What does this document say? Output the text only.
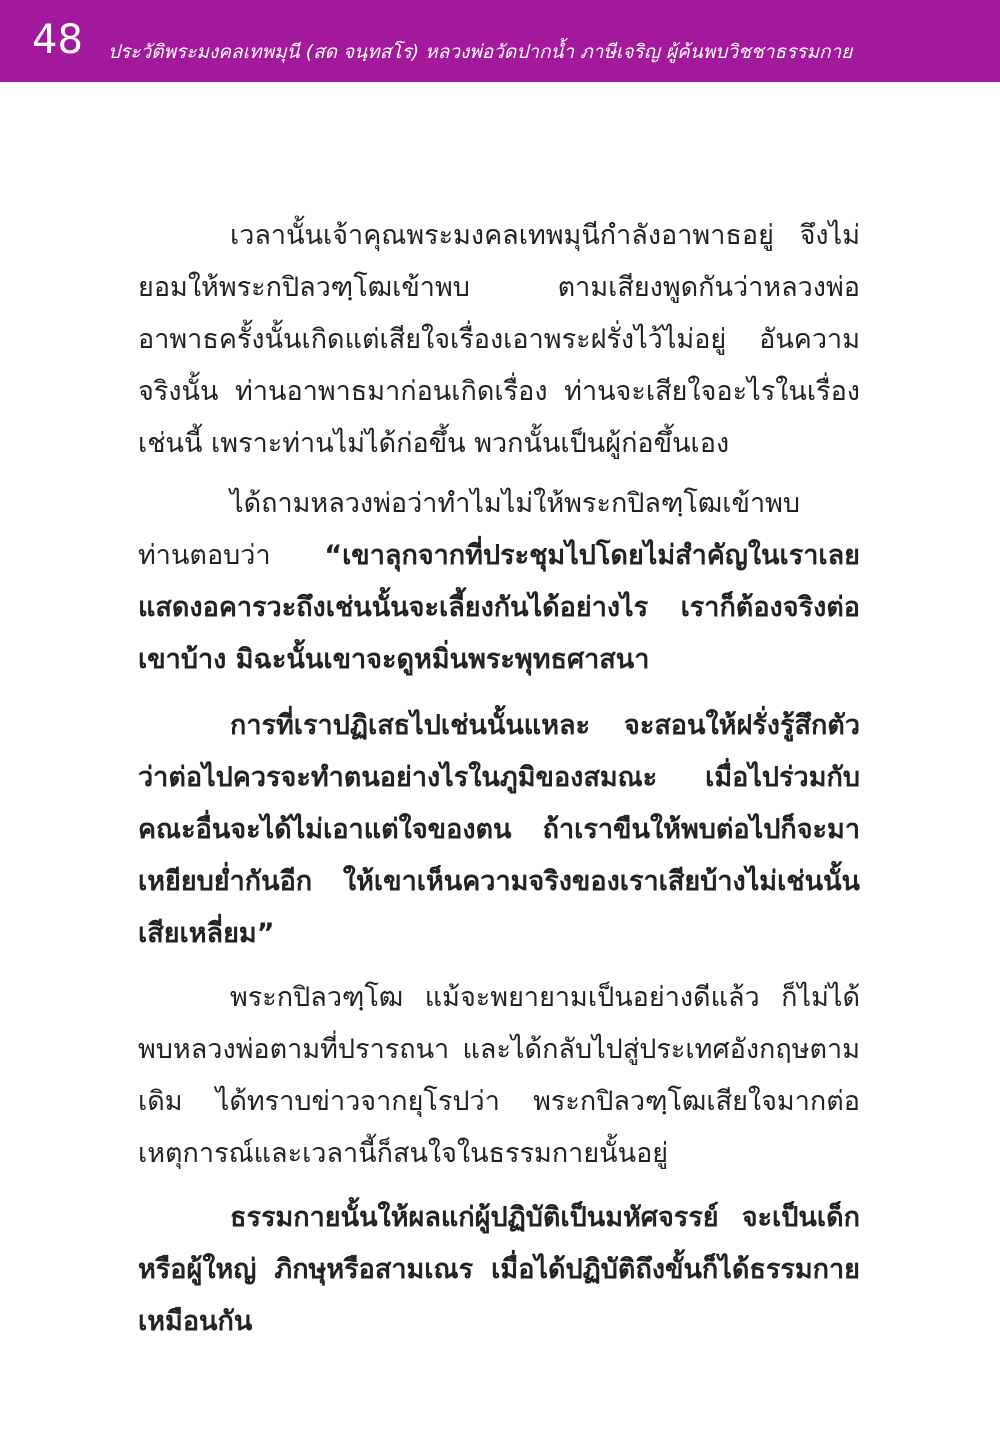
48 ประวัติพระมงคลเทพมุนี (สด จนฺทสโร) หลวงพ่อวัดปากน้ำ ภาษีเจริญ ผู้ค้นพบวิชชาธรรมกาย

เวลานั้นเจ้าคุณพระมงคลเทพมุนีกำลังอาพาธอยู่ จึงไม่ยอมให้พระกปิลวฑฺโฒเข้าพบ ตามเสียงพูดกันว่าหลวงพ่ออาพาธครั้งนั้นเกิดแต่เสียใจเรื่องเอาพระฝรั่งไว้ไม่อยู่ อันความจริงนั้น ท่านอาพาธมาก่อนเกิดเรื่อง ท่านจะเสียใจอะไรในเรื่องเช่นนี้ เพราะท่านไม่ได้ก่อขึ้น พวกนั้นเป็นผู้ก่อขึ้นเอง

ได้ถามหลวงพ่อว่าทำไมไม่ให้พระกปิลฑฺโฒเข้าพบ ท่านตอบว่า “เขาลุกจากที่ประชุมไปโดยไม่สำคัญในเราเลย แสดงอคารวะถึงเช่นนั้นจะเลี้ยงกันได้อย่างไร เราก็ต้องจริงต่อเขาบ้าง มิฉะนั้นเขาจะดูหมิ่นพระพุทธศาสนา

การที่เราปฏิเสธไปเช่นนั้นแหละ จะสอนให้ฝรั่งรู้สึกตัวว่าต่อไปควรจะทำตนอย่างไรในภูมิของสมณะ เมื่อไปร่วมกับคณะอื่นจะได้ไม่เอาแต่ใจของตน ถ้าเราขืนให้พบต่อไปก็จะมาเหยียบย่ำกันอีก ให้เขาเห็นความจริงของเราเสียบ้างไม่เช่นนั้นเสียเหลี่ยม”

พระกปิลวฑฺโฒ แม้จะพยายามเป็นอย่างดีแล้ว ก็ไม่ได้พบหลวงพ่อตามที่ปรารถนา และได้กลับไปสู่ประเทศอังกฤษตามเดิม ได้ทราบข่าวจากยุโรปว่า พระกปิลวฑฺโฒเสียใจมากต่อเหตุการณ์และเวลานี้ก็สนใจในธรรมกายนั้นอยู่

ธรรมกายนั้นให้ผลแก่ผู้ปฏิบัติเป็นมหัศจรรย์ จะเป็นเด็ก หรือผู้ใหญ่ ภิกษุหรือสามเณร เมื่อได้ปฏิบัติถึงขั้นก็ได้ธรรมกายเหมือนกัน
